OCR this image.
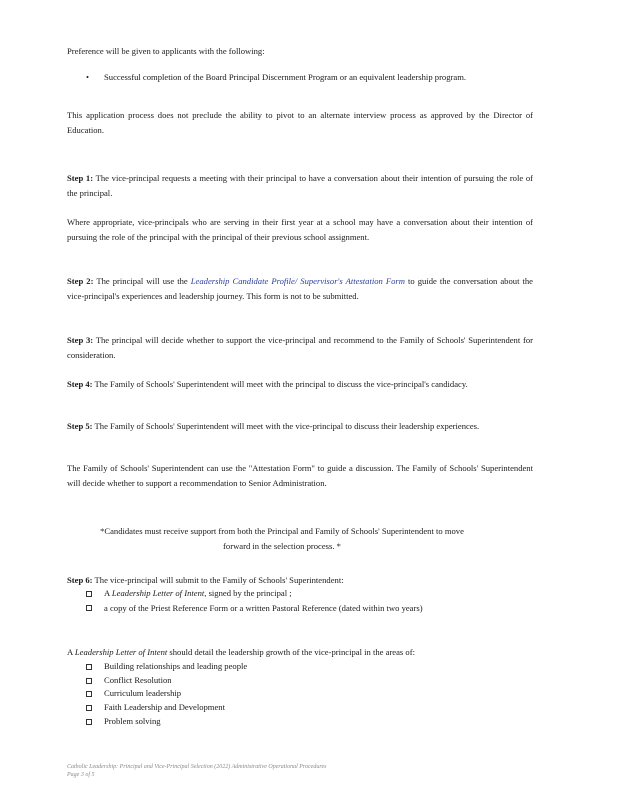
Preference will be given to applicants with the following:

•	Successful completion of the Board Principal Discernment Program or an equivalent leadership program.

This application process does not preclude the ability to pivot to an alternate interview process as approved by the Director of Education.

Step 1: The vice-principal requests a meeting with their principal to have a conversation about their intention of pursuing the role of the principal.

Where appropriate, vice-principals who are serving in their first year at a school may have a conversation about their intention of pursuing the role of the principal with the principal of their previous school assignment.

Step 2: The principal will use the Leadership Candidate Profile/ Supervisor's Attestation Form to guide the conversation about the vice-principal's experiences and leadership journey. This form is not to be submitted.

Step 3: The principal will decide whether to support the vice-principal and recommend to the Family of Schools' Superintendent for consideration.

Step 4: The Family of Schools' Superintendent will meet with the principal to discuss the vice-principal's candidacy.

Step 5: The Family of Schools' Superintendent will meet with the vice-principal to discuss their leadership experiences.

The Family of Schools' Superintendent can use the "Attestation Form" to guide a discussion. The Family of Schools' Superintendent will decide whether to support a recommendation to Senior Administration.

*Candidates must receive support from both the Principal and Family of Schools' Superintendent to move forward in the selection process. *

Step 6: The vice-principal will submit to the Family of Schools' Superintendent:

A Leadership Letter of Intent, signed by the principal ;
a copy of the Priest Reference Form or a written Pastoral Reference (dated within two years)

A Leadership Letter of Intent should detail the leadership growth of the vice-principal in the areas of:

Building relationships and leading people
Conflict Resolution
Curriculum leadership
Faith Leadership and Development
Problem solving
Catholic Leadership: Principal and Vice-Principal Selection (2022) Administrative Operational Procedures
Page 3 of 5
